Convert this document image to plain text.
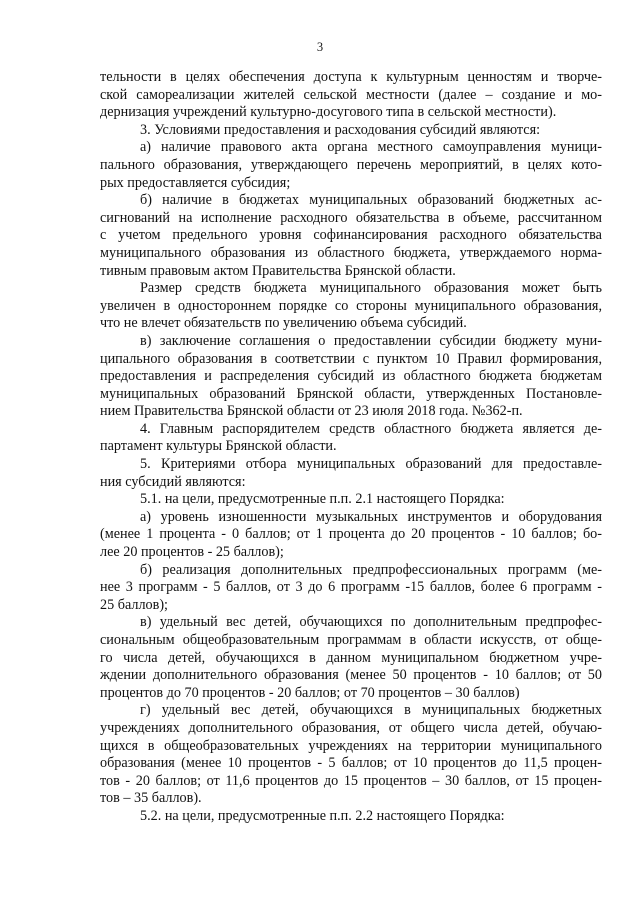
3
тельности в целях обеспечения доступа к культурным ценностям и творче-
ской самореализации жителей сельской местности (далее – создание и мо-
дернизация учреждений культурно-досугового типа в сельской местности).
3. Условиями предоставления и расходования субсидий являются:
а) наличие правового акта органа местного самоуправления муници-
пального образования, утверждающего перечень мероприятий, в целях кото-
рых предоставляется субсидия;
б) наличие в бюджетах муниципальных образований бюджетных ас-
сигнований на исполнение расходного обязательства в объеме, рассчитанном
с учетом предельного уровня софинансирования расходного обязательства
муниципального образования из областного бюджета, утверждаемого норма-
тивным правовым актом Правительства Брянской области.
Размер средств бюджета муниципального образования может быть
увеличен в одностороннем порядке со стороны муниципального образования,
что не влечет обязательств по увеличению объема субсидий.
в) заключение соглашения о предоставлении субсидии бюджету муни-
ципального образования в соответствии с пунктом 10 Правил формирования,
предоставления и распределения субсидий из областного бюджета бюджетам
муниципальных образований Брянской области, утвержденных Постановле-
нием Правительства Брянской области от 23 июля 2018 года. №362-п.
4. Главным распорядителем средств областного бюджета является де-
партамент культуры Брянской области.
5. Критериями отбора муниципальных образований для предоставле-
ния субсидий являются:
5.1. на цели, предусмотренные п.п. 2.1 настоящего Порядка:
а) уровень изношенности музыкальных инструментов и оборудования
(менее 1 процента - 0 баллов; от 1 процента до 20 процентов - 10 баллов; бо-
лее 20 процентов - 25 баллов);
б) реализация дополнительных предпрофессиональных программ (ме-
нее 3 программ - 5 баллов, от 3 до 6 программ -15 баллов, более 6 программ -
25 баллов);
в) удельный вес детей, обучающихся по дополнительным предпрофес-
сиональным общеобразовательным программам в области искусств, от обще-
го числа детей, обучающихся в данном муниципальном бюджетном учре-
ждении дополнительного образования (менее 50 процентов - 10 баллов; от 50
процентов до 70 процентов - 20 баллов; от 70 процентов – 30 баллов)
г) удельный вес детей, обучающихся в муниципальных бюджетных
учреждениях дополнительного образования, от общего числа детей, обучаю-
щихся в общеобразовательных учреждениях на территории муниципального
образования (менее 10 процентов - 5 баллов; от 10 процентов до 11,5 процен-
тов - 20 баллов; от 11,6 процентов до 15 процентов – 30 баллов, от 15 процен-
тов – 35 баллов).
5.2. на цели, предусмотренные п.п. 2.2 настоящего Порядка:
